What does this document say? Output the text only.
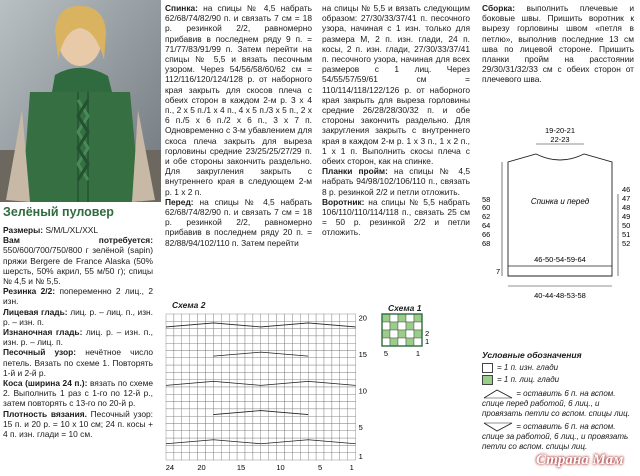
Зелёный пуловер

Размеры: S/M/L/XL/XXL

Вам потребуется: 550/600/700/750/800 г зелёной (sapin) пряжи Bergere de France Alaska (50% шерсть, 50% акрил, 55 м/50 г); спицы № 4,5 и № 5,5.

Резинка 2/2: попеременно 2 лиц., 2 изн.

Лицевая гладь: лиц. р. – лиц. п., изн. р. – изн. п.

Изнаночная гладь: лиц. р. – изн. п., изн. р. – лиц. п.

Песочный узор: нечётное число петель. Вязать по схеме 1. Повторять 1-й и 2-й р.

Коса (ширина 24 п.): вязать по схеме 2. Выполнить 1 раз с 1-го по 12-й р., затем повторять с 13-го по 20-й р.

Плотность вязания. Песочный узор: 15 п. и 20 р. = 10 х 10 см; 24 п. косы + 4 п. изн. глади = 10 см.

Спинка: на спицы № 4,5 набрать 62/68/74/82/90 п. и связать 7 см = 18 р. резинкой 2/2, равномерно прибавив в последнем ряду 9 п. = 71/77/83/91/99 п. Затем перейти на спицы № 5,5 и вязать песочным узором. Через 54/56/58/60/62 см = 112/116/120/124/128 р. от наборного края закрыть для скосов плеча с обеих сторон в каждом 2-м р. 3 х 4 п., 2 х 5 п./1 х 4 п., 4 х 5 п./3 х 5 п., 2 х 6 п./5 х 6 п./2 х 6 п., 3 х 7 п. Одновременно с 3-м убавлением для скоса плеча закрыть для выреза горловины средние 23/25/25/27/29 п. и обе стороны закончить раздельно. Для закругления закрыть с внутреннего края в следующем 2-м р. 1 х 2 п.

Перед: на спицы № 4,5 набрать 62/68/74/82/90 п. и связать 7 см = 18 р. резинкой 2/2, равномерно прибавив в последнем ряду 20 п. = 82/88/94/102/110 п. Затем перейти

на спицы № 5,5 и вязать следующим образом: 27/30/33/37/41 п. песочного узора, начиная с 1 изн. только для размера M, 2 п. изн. глади, 24 п. косы, 2 п. изн. глади, 27/30/33/37/41 п. песочного узора, начиная для всех размеров с 1 лиц. Через 54/55/57/59/61 см = 110/114/118/122/126 р. от наборного края закрыть для выреза горловины средние 26/28/28/30/32 п. и обе стороны закончить раздельно. Для закругления закрыть с внутреннего края в каждом 2-м р. 1 х 3 п., 1 х 2 п., 1 х 1 п. Выполнить скосы плеча с обеих сторон, как на спинке.

Планки пройм: на спицы № 4,5 набрать 94/98/102/106/110 п., связать 8 р. резинкой 2/2 и петли отложить.

Воротник: на спицы № 5,5 набрать 106/110/110/114/118 п., связать 25 см = 50 р. резинкой 2/2 и петли отложить.

Сборка: выполнить плечевые и боковые швы. Пришить воротник к вырезу горловины швом «петля в петлю», выполнив последние 13 см шва по лицевой стороне. Пришить планки пройм на расстоянии 29/30/31/32/33 см с обеих сторон от плечевого шва.

19-20-21
22-23
58
60
62
64
66
68
46
47
48
49
50
51
52
Спинка и перед
46-50-54-59-64
7
40-44-48-53-58
Схема 2
20
15
10
5
1
24	20	15	10	5	1
Схема 1
2
1
5	1	Условные обозначения
= 1 п. изн. глади
= 1 п. лиц. глади
= оставить 6 п. на вспом. спице перед работой, 6 лиц., и провязать петли со вспом. спицы лиц.
= оставить 6 п. на вспом. спице за работой, 6 лиц., и провязать петли со вспом. спицы лиц.
Страна Мам
